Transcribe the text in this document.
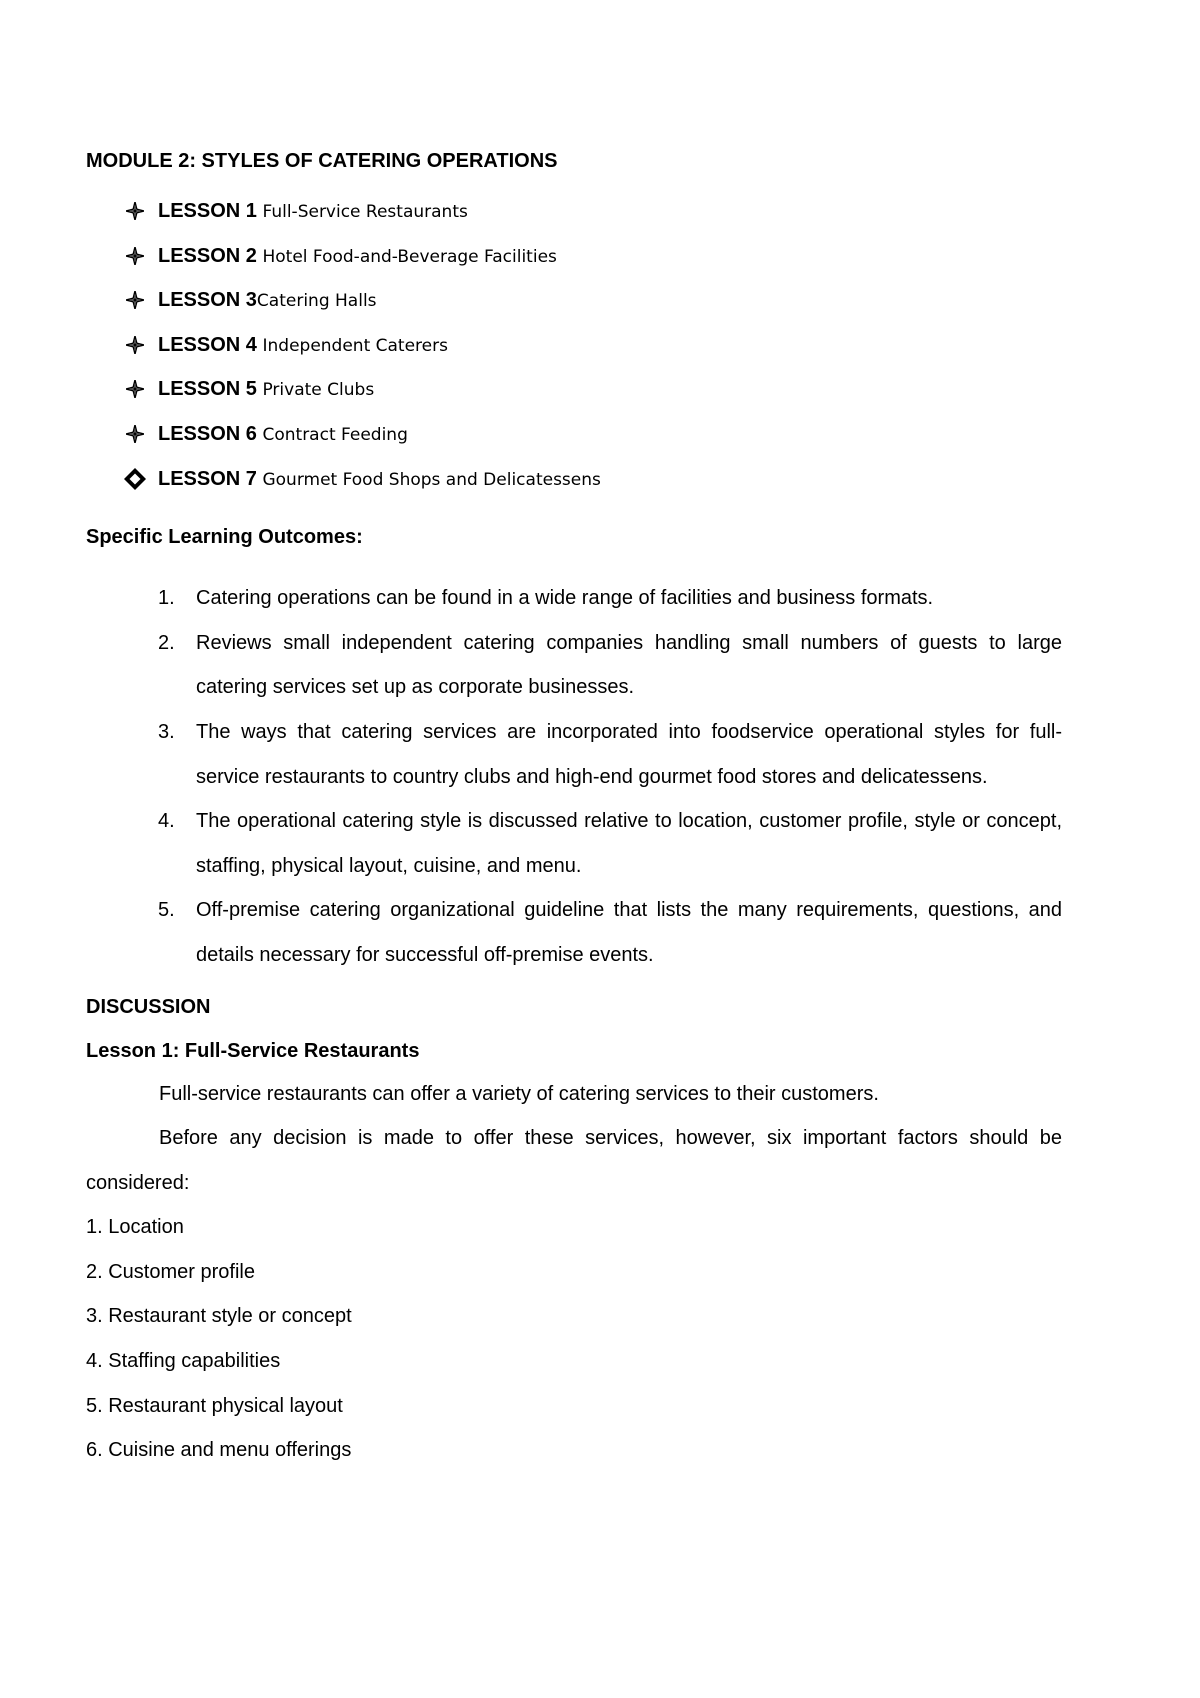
MODULE 2: STYLES OF CATERING OPERATIONS
LESSON 1 Full-Service Restaurants
LESSON 2 Hotel Food-and-Beverage Facilities
LESSON 3Catering Halls
LESSON 4 Independent Caterers
LESSON 5 Private Clubs
LESSON 6 Contract Feeding
LESSON 7 Gourmet Food Shops and Delicatessens

Specific Learning Outcomes:

1. Catering operations can be found in a wide range of facilities and business formats.
2. Reviews small independent catering companies handling small numbers of guests to large catering services set up as corporate businesses.
3. The ways that catering services are incorporated into foodservice operational styles for full-service restaurants to country clubs and high-end gourmet food stores and delicatessens.
4. The operational catering style is discussed relative to location, customer profile, style or concept, staffing, physical layout, cuisine, and menu.
5. Off-premise catering organizational guideline that lists the many requirements, questions, and details necessary for successful off-premise events.

DISCUSSION

Lesson 1: Full-Service Restaurants

Full-service restaurants can offer a variety of catering services to their customers.

Before any decision is made to offer these services, however, six important factors should be considered:

1. Location
2. Customer profile
3. Restaurant style or concept
4. Staffing capabilities
5. Restaurant physical layout
6. Cuisine and menu offerings
